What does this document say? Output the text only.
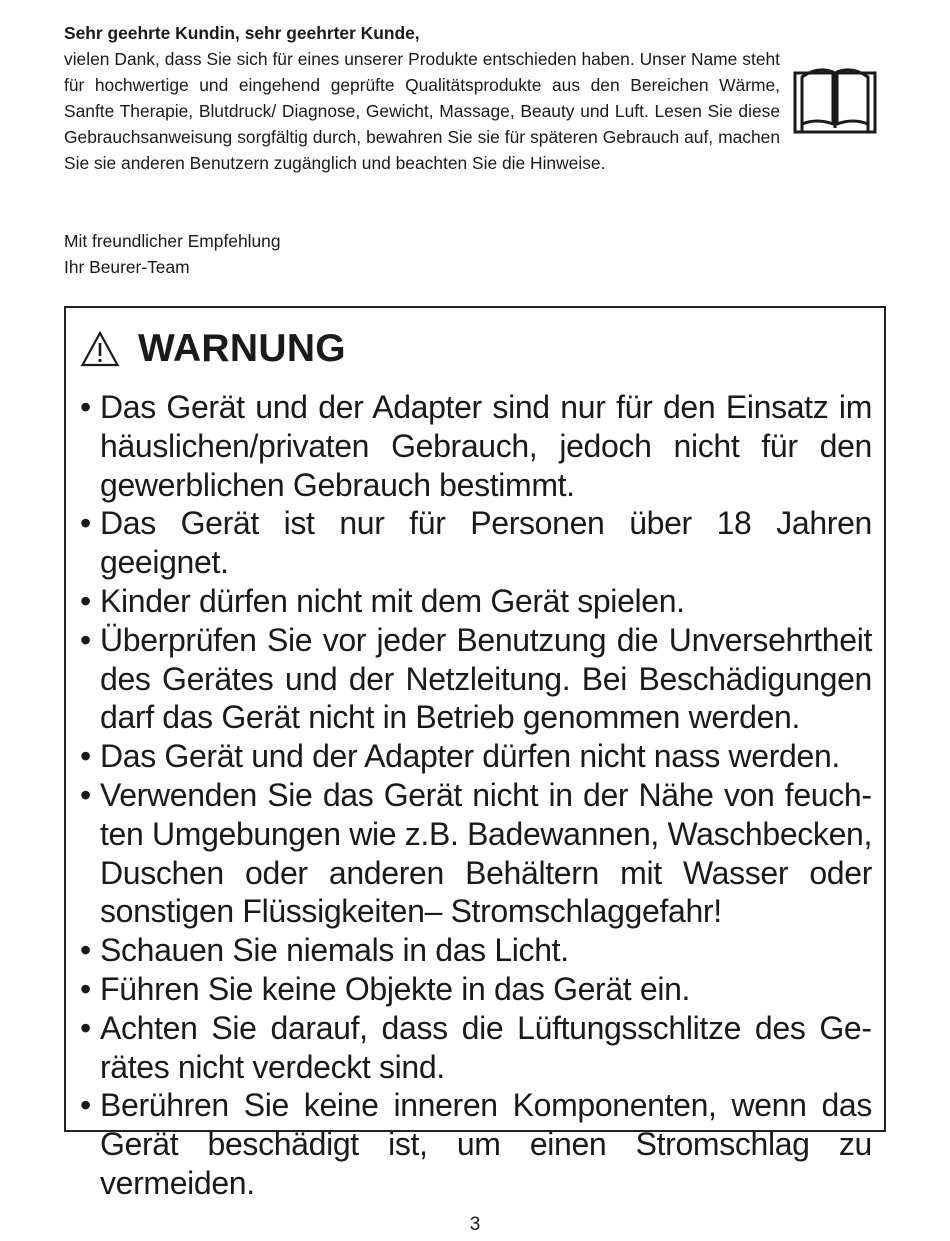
Sehr geehrte Kundin, sehr geehrter Kunde,
vielen Dank, dass Sie sich für eines unserer Produkte entschieden haben. Unser Name steht für hochwertige und eingehend geprüfte Qualitätsprodukte aus den Bereichen Wärme, Sanfte Therapie, Blutdruck/ Diagnose, Gewicht, Massage, Beauty und Luft. Lesen Sie diese Gebrauchsanweisung sorgfältig durch, bewahren Sie sie für späteren Gebrauch auf, machen Sie sie anderen Benutzern zugänglich und beachten Sie die Hinweise.
Mit freundlicher Empfehlung
Ihr Beurer-Team
WARNUNG
• Das Gerät und der Adapter sind nur für den Einsatz im häuslichen/privaten Gebrauch, jedoch nicht für den gewerblichen Gebrauch bestimmt.
• Das Gerät ist nur für Personen über 18 Jahren geeignet.
• Kinder dürfen nicht mit dem Gerät spielen.
• Überprüfen Sie vor jeder Benutzung die Unversehrtheit des Gerätes und der Netzleitung. Bei Beschädigungen darf das Gerät nicht in Betrieb genommen werden.
• Das Gerät und der Adapter dürfen nicht nass werden.
• Verwenden Sie das Gerät nicht in der Nähe von feuchten Umgebungen wie z.B. Badewannen, Waschbecken, Duschen oder anderen Behältern mit Wasser oder sonstigen Flüssigkeiten– Stromschlaggefahr!
• Schauen Sie niemals in das Licht.
• Führen Sie keine Objekte in das Gerät ein.
• Achten Sie darauf, dass die Lüftungsschlitze des Gerätes nicht verdeckt sind.
• Berühren Sie keine inneren Komponenten, wenn das Gerät beschädigt ist, um einen Stromschlag zu vermeiden.
3
